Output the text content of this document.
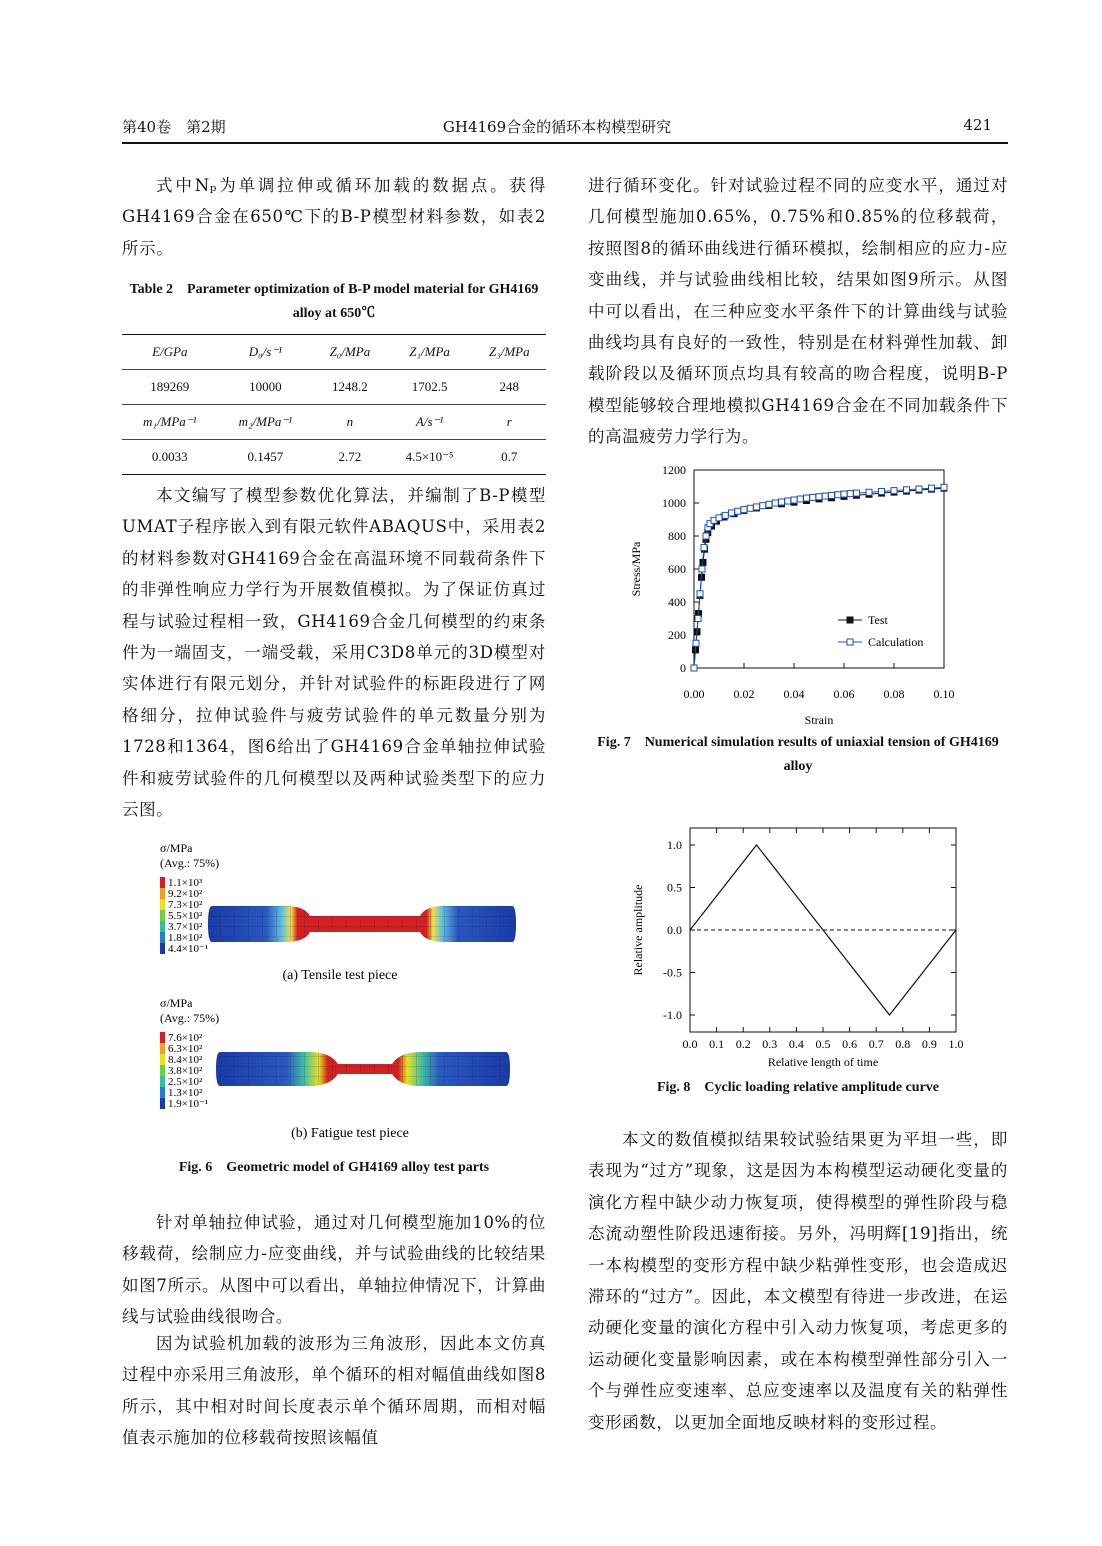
第40卷　第2期	GH4169合金的循环本构模型研究	421
式中Nₚ为单调拉伸或循环加载的数据点。获得GH4169合金在650℃下的B-P模型材料参数，如表2所示。
Table 2　Parameter optimization of B-P model material for GH4169 alloy at 650℃
E/GPa	D₀/s⁻¹	Z₀/MPa	Z₁/MPa	Z₃/MPa
189269	10000	1248.2	1702.5	248
m₁/MPa⁻¹	m₂/MPa⁻¹	n	A/s⁻¹	r
0.0033	0.1457	2.72	4.5×10⁻⁵	0.7
本文编写了模型参数优化算法，并编制了B-P模型UMAT子程序嵌入到有限元软件ABAQUS中，采用表2的材料参数对GH4169合金在高温环境不同载荷条件下的非弹性响应力学行为开展数值模拟。为了保证仿真过程与试验过程相一致，GH4169合金几何模型的约束条件为一端固支，一端受载，采用C3D8单元的3D模型对实体进行有限元划分，并针对试验件的标距段进行了网格细分，拉伸试验件与疲劳试验件的单元数量分别为1728和1364，图6给出了GH4169合金单轴拉伸试验件和疲劳试验件的几何模型以及两种试验类型下的应力云图。
σ/MPa
(Avg.: 75%)
1.1×10³
9.2×10²
7.3×10²
5.5×10²
3.7×10²
1.8×10²
4.4×10⁻¹
(a) Tensile test piece
σ/MPa
(Avg.: 75%)
7.6×10²
6.3×10²
8.4×10²
3.8×10²
2.5×10²
1.3×10²
1.9×10⁻¹
(b) Fatigue test piece
Fig. 6　Geometric model of GH4169 alloy test parts
针对单轴拉伸试验，通过对几何模型施加10%的位移载荷，绘制应力-应变曲线，并与试验曲线的比较结果如图7所示。从图中可以看出，单轴拉伸情况下，计算曲线与试验曲线很吻合。
因为试验机加载的波形为三角波形，因此本文仿真过程中亦采用三角波形，单个循环的相对幅值曲线如图8所示，其中相对时间长度表示单个循环周期，而相对幅值表示施加的位移载荷按照该幅值
进行循环变化。针对试验过程不同的应变水平，通过对几何模型施加0.65%，0.75%和0.85%的位移载荷，按照图8的循环曲线进行循环模拟，绘制相应的应力-应变曲线，并与试验曲线相比较，结果如图9所示。从图中可以看出，在三种应变水平条件下的计算曲线与试验曲线均具有良好的一致性，特别是在材料弹性加载、卸载阶段以及循环顶点均具有较高的吻合程度，说明B-P模型能够较合理地模拟GH4169合金在不同加载条件下的高温疲劳力学行为。
0
200
400
600
800
1000
1200
0.00 0.02 0.04 0.06 0.08 0.10
Strain
Stress/MPa
Test
Calculation
Fig. 7　Numerical simulation results of uniaxial tension of GH4169 alloy
-1.0
-0.5
0.0
0.5
1.0
0.0 0.1 0.2 0.3 0.4 0.5 0.6 0.7 0.8 0.9 1.0
Relative length of time
Relative amplitude
Fig. 8　Cyclic loading relative amplitude curve
本文的数值模拟结果较试验结果更为平坦一些，即表现为“过方”现象，这是因为本构模型运动硬化变量的演化方程中缺少动力恢复项，使得模型的弹性阶段与稳态流动塑性阶段迅速衔接。另外，冯明辉[19]指出，统一本构模型的变形方程中缺少粘弹性变形，也会造成迟滞环的“过方”。因此，本文模型有待进一步改进，在运动硬化变量的演化方程中引入动力恢复项，考虑更多的运动硬化变量影响因素，或在本构模型弹性部分引入一个与弹性应变速率、总应变速率以及温度有关的粘弹性变形函数，以更加全面地反映材料的变形过程。
